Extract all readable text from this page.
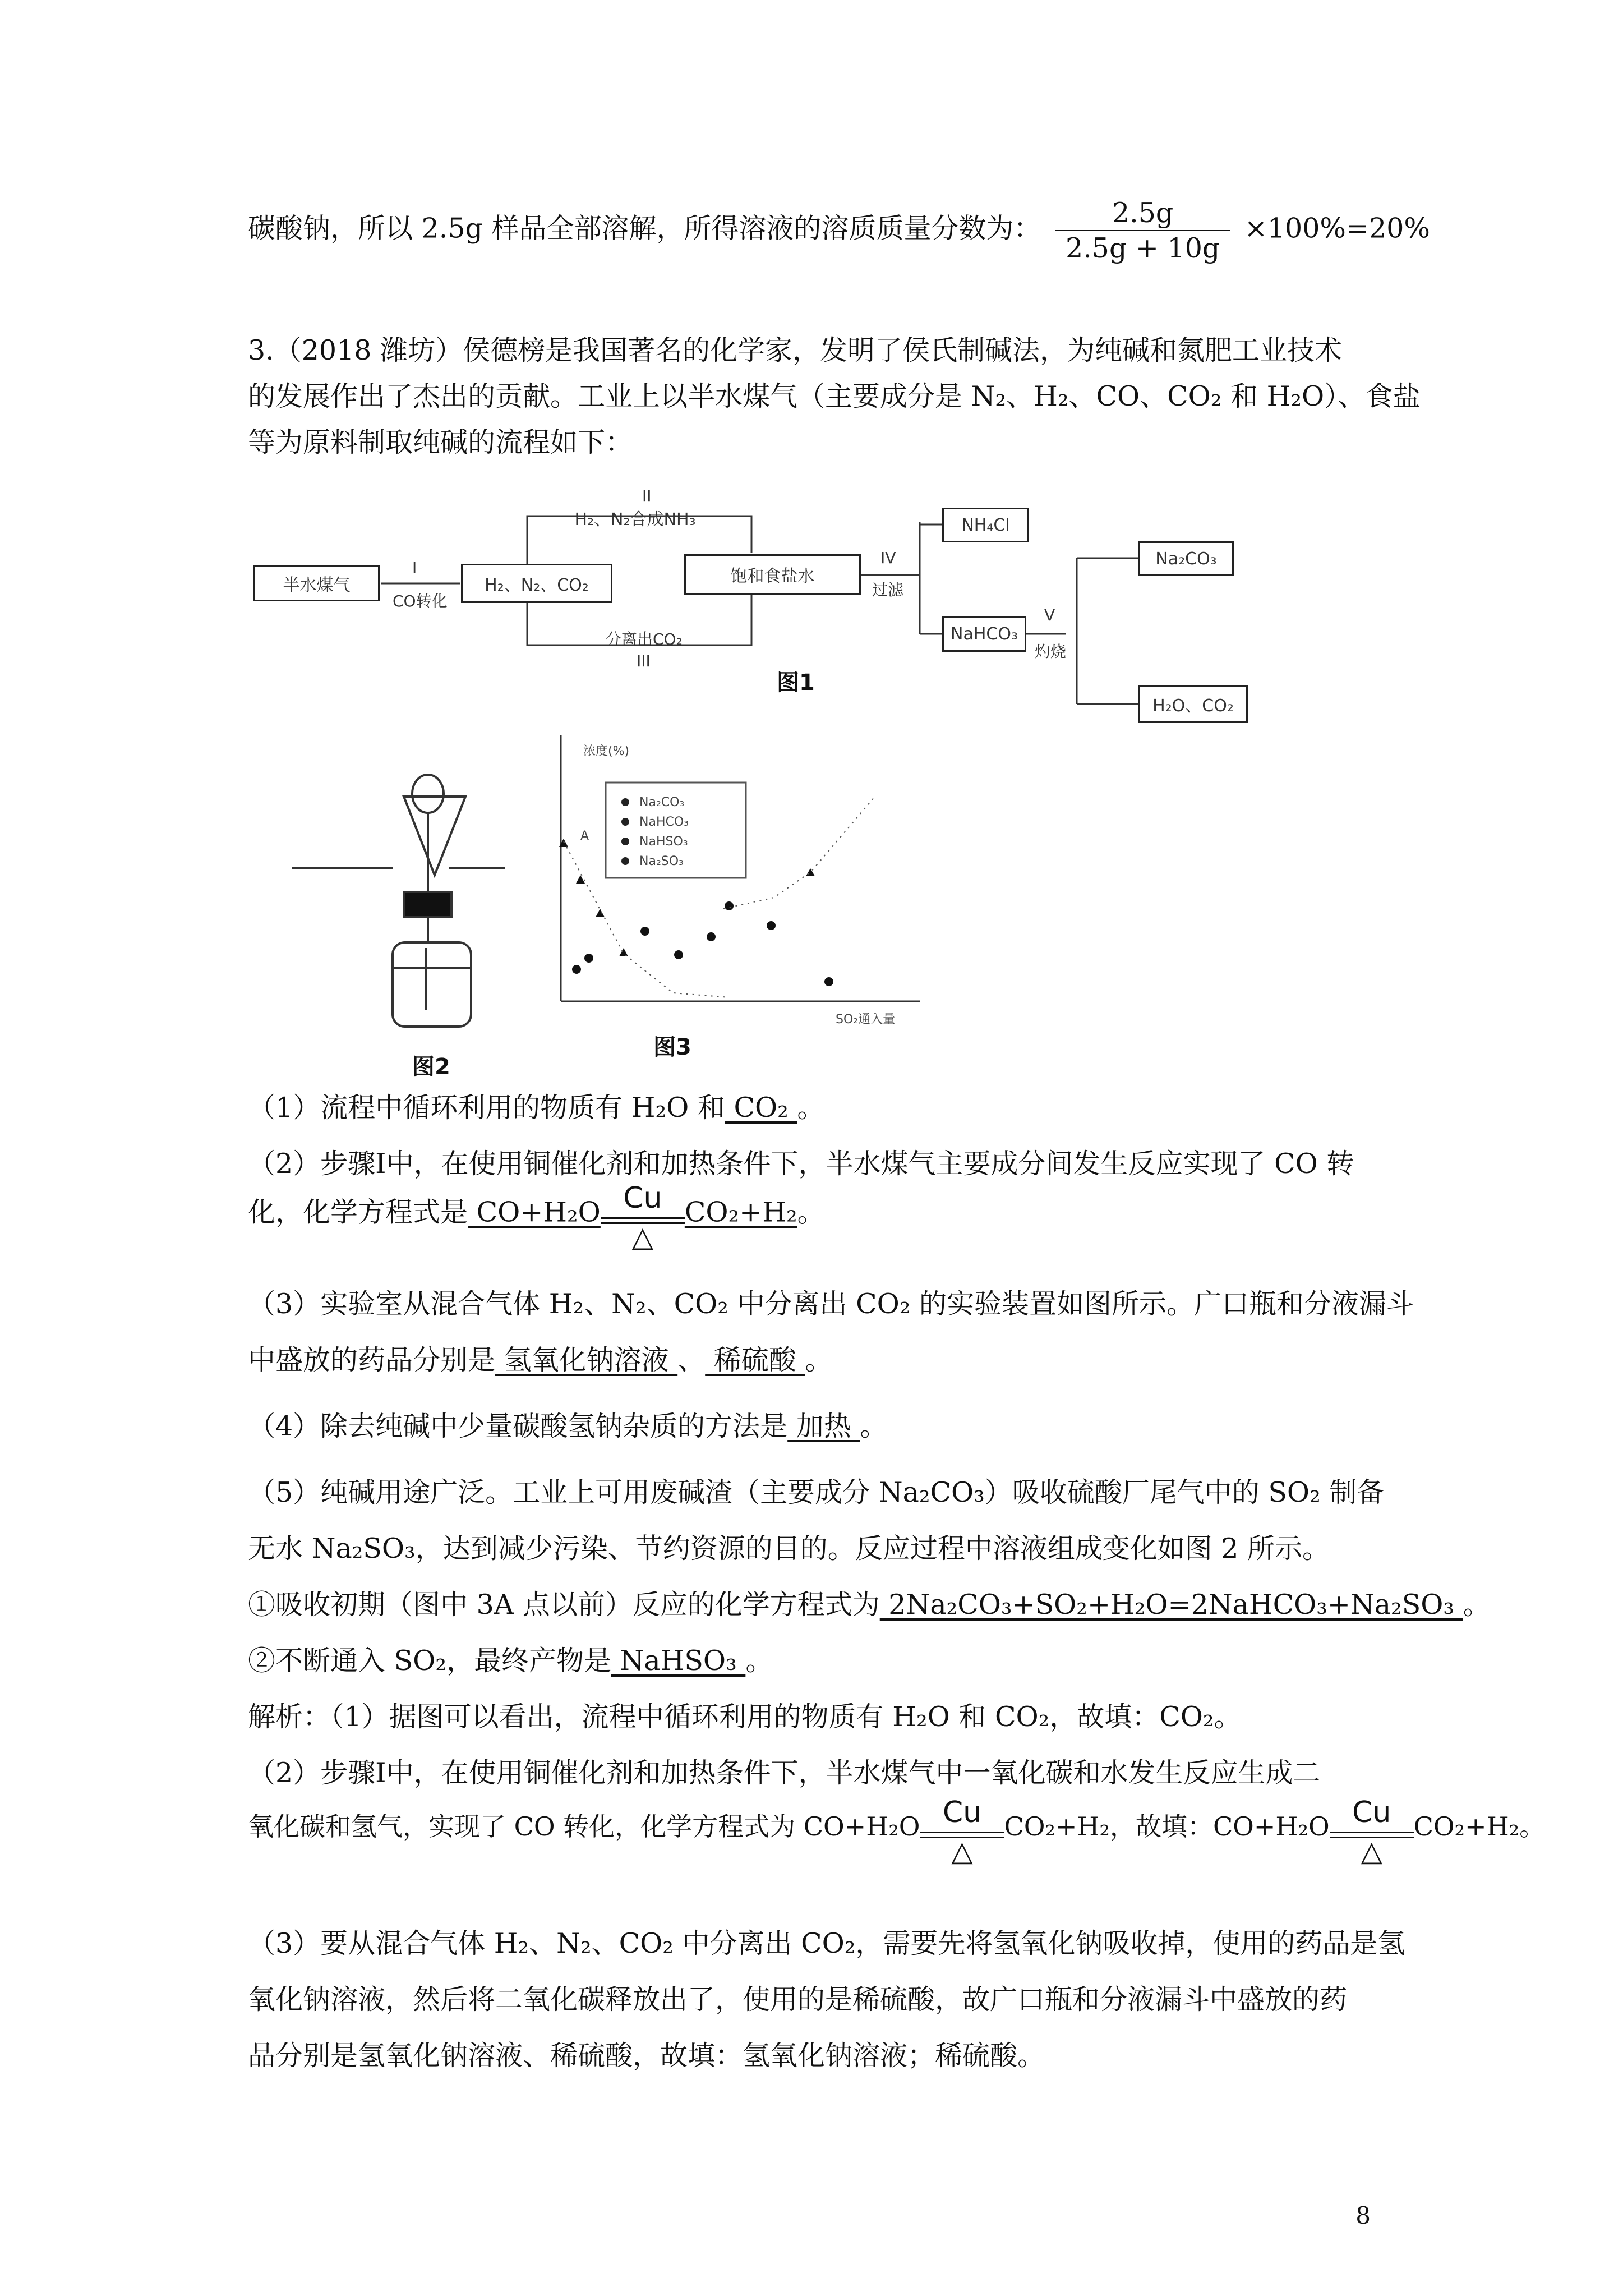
碳酸钠，所以 2.5g 样品全部溶解，所得溶液的溶质质量分数为： $\frac{2.5g}{2.5g + 10g} \times 100\%=20\%$
3.（2018 潍坊）侯德榜是我国著名的化学家，发明了侯氏制碱法，为纯碱和氮肥工业技术
的发展作出了杰出的贡献。工业上以半水煤气（主要成分是 N₂、H₂、CO、CO₂ 和 H₂O）、食盐
等为原料制取纯碱的流程如下：
半水煤气
I
CO转化
H₂、N₂、CO₂
II
H₂、N₂合成NH₃
饱和食盐水
分离出CO₂
III
IV
过滤
NH₄Cl
NaHCO₃
V
灼烧
Na₂CO₃
H₂O、CO₂
图1
图2
浓度(%)
SO₂通入量
A
Na₂CO₃
NaHCO₃
NaHSO₃
Na₂SO₃
图3
（1）流程中循环利用的物质有 H₂O 和 CO₂ 。
（2）步骤Ⅰ中，在使用铜催化剂和加热条件下，半水煤气主要成分间发生反应实现了 CO 转
化，化学方程式是 CO+H₂O Cu
△
CO₂+H₂。
（3）实验室从混合气体 H₂、N₂、CO₂ 中分离出 CO₂ 的实验装置如图所示。广口瓶和分液漏斗
中盛放的药品分别是 氢氧化钠溶液 、 稀硫酸 。
（4）除去纯碱中少量碳酸氢钠杂质的方法是 加热 。
（5）纯碱用途广泛。工业上可用废碱渣（主要成分 Na₂CO₃）吸收硫酸厂尾气中的 SO₂ 制备
无水 Na₂SO₃，达到减少污染、节约资源的目的。反应过程中溶液组成变化如图 2 所示。
①吸收初期（图中 3A 点以前）反应的化学方程式为 2Na₂CO₃+SO₂+H₂O=2NaHCO₃+Na₂SO₃ 。
②不断通入 SO₂，最终产物是 NaHSO₃ 。
解析：（1）据图可以看出，流程中循环利用的物质有 H₂O 和 CO₂，故填：CO₂。
（2）步骤Ⅰ中，在使用铜催化剂和加热条件下，半水煤气中一氧化碳和水发生反应生成二
氧化碳和氢气，实现了 CO 转化，化学方程式为 CO+H₂O Cu
△
CO₂+H₂，故填：CO+H₂O Cu
△
CO₂+H₂。
（3）要从混合气体 H₂、N₂、CO₂ 中分离出 CO₂，需要先将氢氧化钠吸收掉，使用的药品是氢
氧化钠溶液，然后将二氧化碳释放出了，使用的是稀硫酸，故广口瓶和分液漏斗中盛放的药
品分别是氢氧化钠溶液、稀硫酸，故填：氢氧化钠溶液；稀硫酸。
8
